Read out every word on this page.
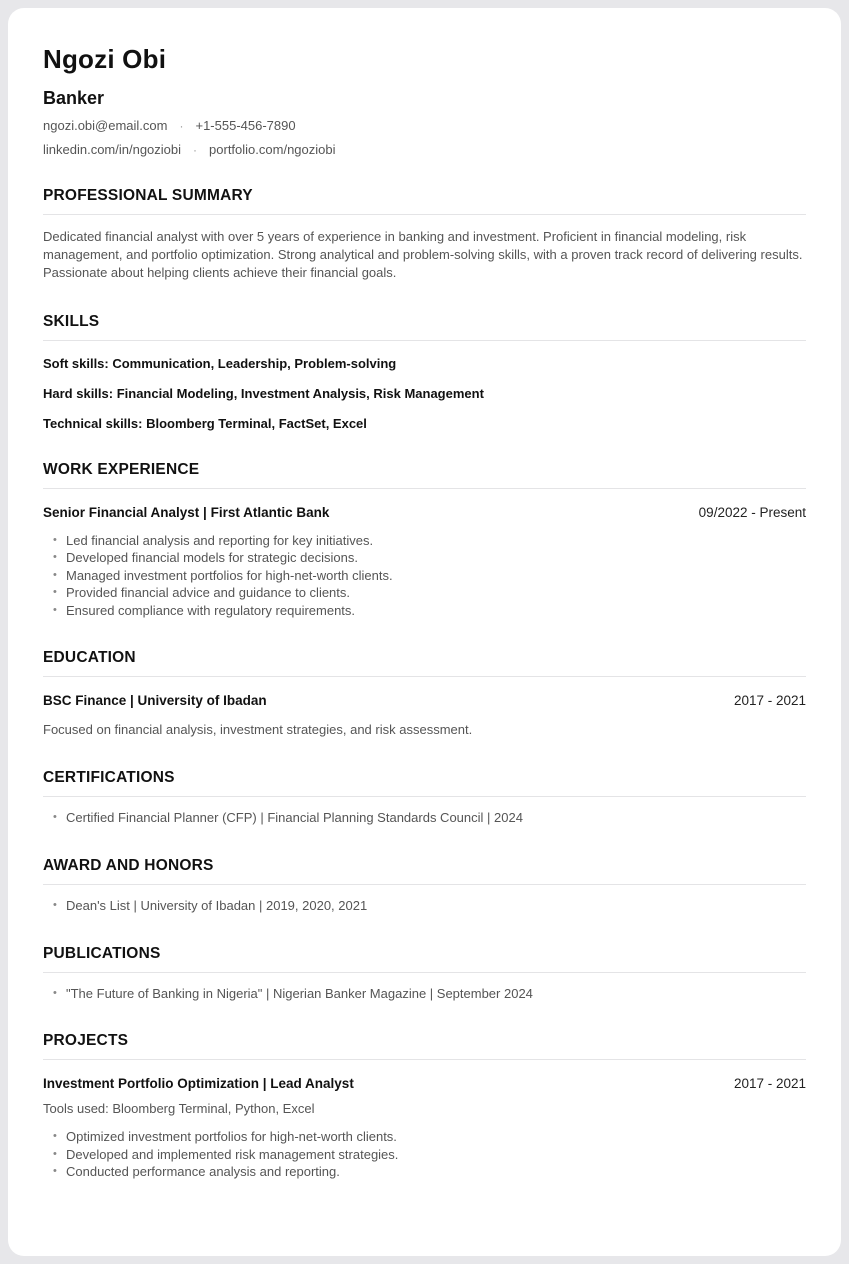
Ngozi Obi
Banker
ngozi.obi@email.com · +1-555-456-7890
linkedin.com/in/ngoziobi · portfolio.com/ngoziobi
PROFESSIONAL SUMMARY

Dedicated financial analyst with over 5 years of experience in banking and investment. Proficient in financial modeling, risk management, and portfolio optimization. Strong analytical and problem-solving skills, with a proven track record of delivering results. Passionate about helping clients achieve their financial goals.

SKILLS

Soft skills: Communication, Leadership, Problem-solving

Hard skills: Financial Modeling, Investment Analysis, Risk Management

Technical skills: Bloomberg Terminal, FactSet, Excel

WORK EXPERIENCE
Senior Financial Analyst | First Atlantic Bank	09/2022 - Present
• Led financial analysis and reporting for key initiatives.
• Developed financial models for strategic decisions.
• Managed investment portfolios for high-net-worth clients.
• Provided financial advice and guidance to clients.
• Ensured compliance with regulatory requirements.
EDUCATION
BSC Finance | University of Ibadan	2017 - 2021

Focused on financial analysis, investment strategies, and risk assessment.

CERTIFICATIONS
• Certified Financial Planner (CFP) | Financial Planning Standards Council | 2024
AWARD AND HONORS
• Dean's List | University of Ibadan | 2019, 2020, 2021
PUBLICATIONS
• "The Future of Banking in Nigeria" | Nigerian Banker Magazine | September 2024
PROJECTS
Investment Portfolio Optimization | Lead Analyst	2017 - 2021

Tools used: Bloomberg Terminal, Python, Excel

• Optimized investment portfolios for high-net-worth clients.
• Developed and implemented risk management strategies.
• Conducted performance analysis and reporting.
